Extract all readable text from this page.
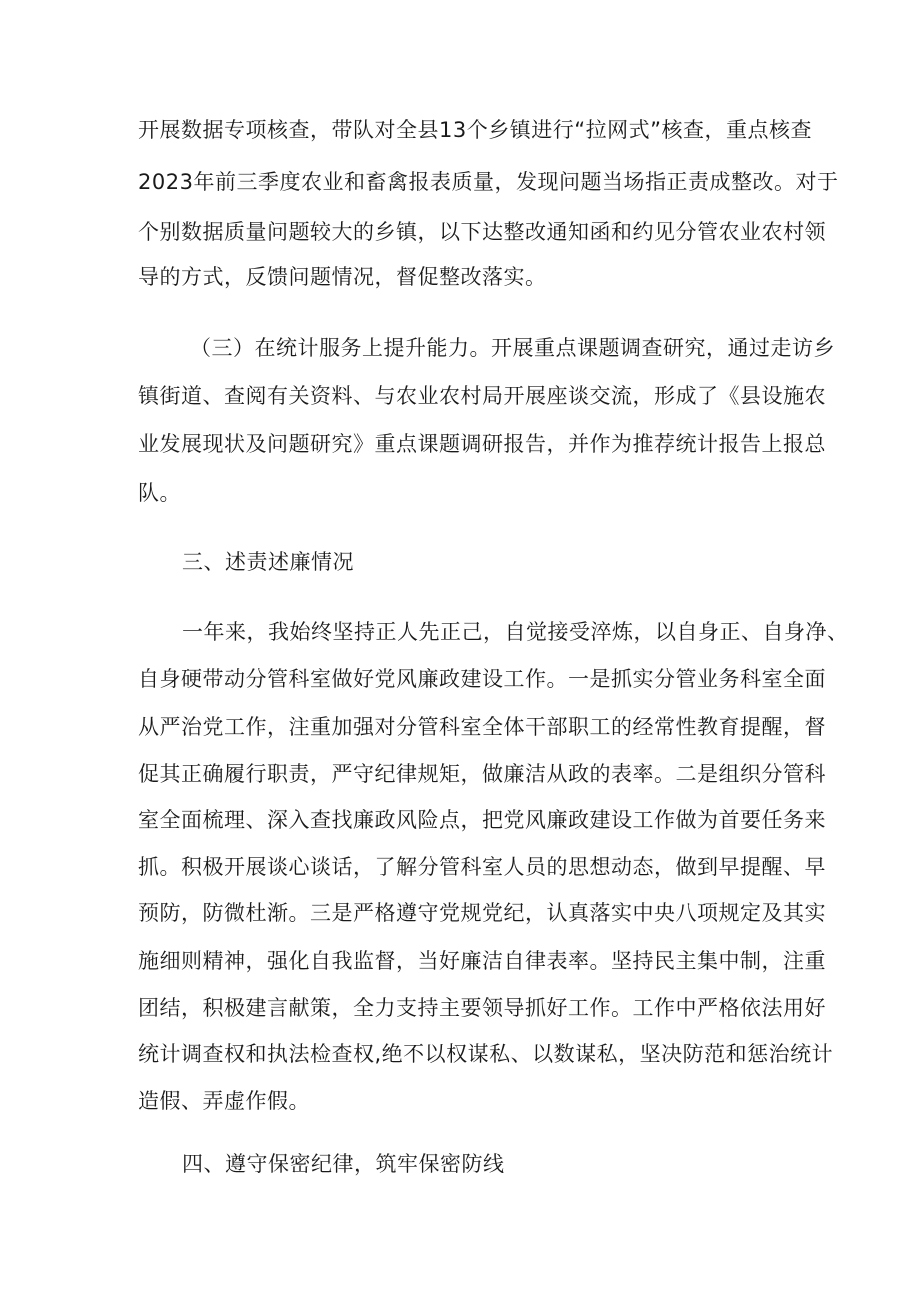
开展数据专项核查，带队对全县13个乡镇进行“拉网式”核查，重点核查
2023年前三季度农业和畜禽报表质量，发现问题当场指正责成整改。对于
个别数据质量问题较大的乡镇，以下达整改通知函和约见分管农业农村领
导的方式，反馈问题情况，督促整改落实。
（三）在统计服务上提升能力。开展重点课题调查研究，通过走访乡
镇街道、查阅有关资料、与农业农村局开展座谈交流，形成了《县设施农
业发展现状及问题研究》重点课题调研报告，并作为推荐统计报告上报总
队。
三、述责述廉情况
一年来，我始终坚持正人先正己，自觉接受淬炼，以自身正、自身净、
自身硬带动分管科室做好党风廉政建设工作。一是抓实分管业务科室全面
从严治党工作，注重加强对分管科室全体干部职工的经常性教育提醒，督
促其正确履行职责，严守纪律规矩，做廉洁从政的表率。二是组织分管科
室全面梳理、深入查找廉政风险点，把党风廉政建设工作做为首要任务来
抓。积极开展谈心谈话，了解分管科室人员的思想动态，做到早提醒、早
预防，防微杜渐。三是严格遵守党规党纪，认真落实中央八项规定及其实
施细则精神，强化自我监督，当好廉洁自律表率。坚持民主集中制，注重
团结，积极建言献策，全力支持主要领导抓好工作。工作中严格依法用好
统计调查权和执法检查权,绝不以权谋私、以数谋私，坚决防范和惩治统计
造假、弄虚作假。
四、遵守保密纪律，筑牢保密防线
